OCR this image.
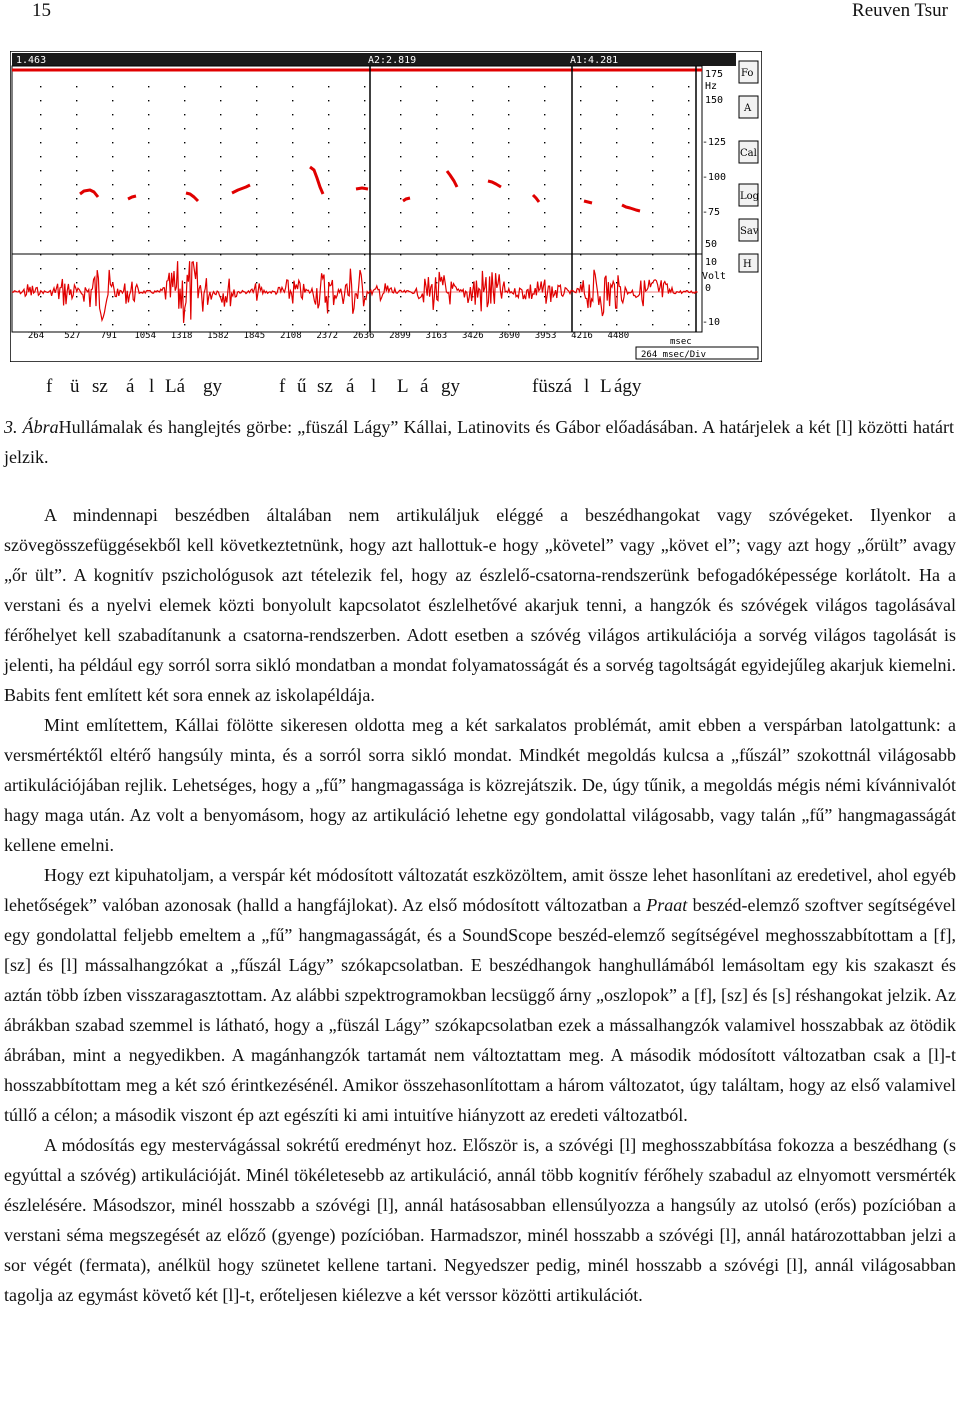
15	Reuven Tsur
1.463	A2:2.819	A1:4.281
175
Hz
150
-125
-100
-75
50
10
Volt
0
-10
Fo
A
Cal
Log
Sav
H
264 527 791 1054 1318 1582 1845 2108 2372 2636 2899 3163 3426 3690 3953 4216 4480
msec
264 msec/Div
f ü sz á l Lá gy	f ű sz á l L á gy	füszá l L ágy
3. ÁbraHullámalak és hanglejtés görbe: „füszál Lágy” Kállai, Latinovits és Gábor előadásában. A határjelek a két [l] közötti határt jelzik.

A mindennapi beszédben általában nem artikuláljuk eléggé a beszédhangokat vagy szóvégeket. Ilyenkor a szövegösszefüggésekből kell következtetnünk, hogy azt hallottuk-e hogy „követel” vagy „követ el”; vagy azt hogy „őrült” avagy „őr ült”. A kognitív pszichológusok azt tételezik fel, hogy az észlelő-csatorna-rendszerünk befogadóképessége korlátolt. Ha a verstani és a nyelvi elemek közti bonyolult kapcsolatot észlelhetővé akarjuk tenni, a hangzók és szóvégek világos tagolásával férőhelyet kell szabadítanunk a csatorna-rendszerben. Adott esetben a szóvég világos artikulációja a sorvég világos tagolását is jelenti, ha például egy sorról sorra sikló mondatban a mondat folyamatosságát és a sorvég tagoltságát egyidejűleg akarjuk kiemelni. Babits fent említett két sora ennek az iskolapéldája.

Mint említettem, Kállai fölötte sikeresen oldotta meg a két sarkalatos problémát, amit ebben a verspárban latolgattunk: a versmértéktől eltérő hangsúly minta, és a sorról sorra sikló mondat. Mindkét megoldás kulcsa a „fűszál” szokottnál világosabb artikulációjában rejlik. Lehetséges, hogy a „fű” hangmagassága is közrejátszik. De, úgy tűnik, a megoldás mégis némi kívánnivalót hagy maga után. Az volt a benyomásom, hogy az artikuláció lehetne egy gondolattal világosabb, vagy talán „fű” hangmagasságát kellene emelni.

Hogy ezt kipuhatoljam, a verspár két módosított változatát eszközöltem, amit össze lehet hasonlítani az eredetivel, ahol egyéb lehetőségek” valóban azonosak (halld a hangfájlokat). Az első módosított változatban a Praat beszéd-elemző szoftver segítségével egy gondolattal feljebb emeltem a „fű” hangmagasságát, és a SoundScope beszéd-elemző segítségével meghosszabbítottam a [f], [sz] és [l] mássalhangzókat a „fűszál Lágy” szókapcsolatban. E beszédhangok hanghullámából lemásoltam egy kis szakaszt és aztán több ízben visszaragasztottam. Az alábbi szpektrogramokban lecsüggő árny „oszlopok” a [f], [sz] és [s] réshangokat jelzik. Az ábrákban szabad szemmel is látható, hogy a „füszál Lágy” szókapcsolatban ezek a mássalhangzók valamivel hosszabbak az ötödik ábrában, mint a negyedikben. A magánhangzók tartamát nem változtattam meg. A második módosított változatban csak a [l]-t hosszabbítottam meg a két szó érintkezésénél. Amikor összehasonlítottam a három változatot, úgy találtam, hogy az első valamivel túllő a célon; a második viszont ép azt egészíti ki ami intuitíve hiányzott az eredeti változatból.

A módosítás egy mestervágással sokrétű eredményt hoz. Először is, a szóvégi [l] meghosszabbítása fokozza a beszédhang (s egyúttal a szóvég) artikulációját. Minél tökéletesebb az artikuláció, annál több kognitív férőhely szabadul az elnyomott versmérték észlelésére. Másodszor, minél hosszabb a szóvégi [l], annál hatásosabban ellensúlyozza a hangsúly az utolsó (erős) pozícióban a verstani séma megszegését az előző (gyenge) pozícióban. Harmadszor, minél hosszabb a szóvégi [l], annál határozottabban jelzi a sor végét (fermata), anélkül hogy szünetet kellene tartani. Negyedszer pedig, minél hosszabb a szóvégi [l], annál világosabban tagolja az egymást követő két [l]-t, erőteljesen kiélezve a két verssor közötti artikulációt.
